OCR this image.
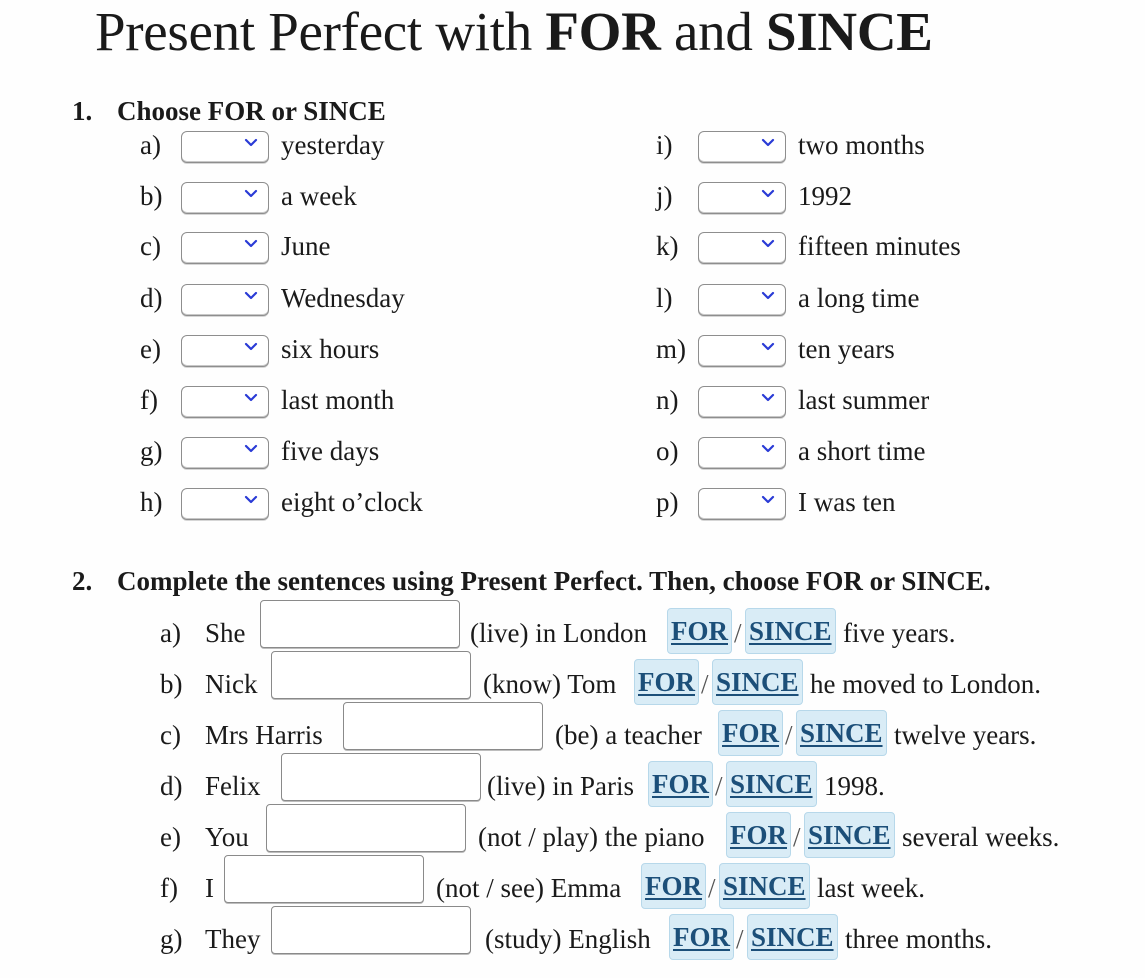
Present Perfect with FOR and SINCE
1. Choose FOR or SINCE
a)	yesterday
b)	a week
c)	June
d)	Wednesday
e)	six hours
f)	last month
g)	five days
h)	eight o’clock
i)	two months
j)	1992
k)	fifteen minutes
l)	a long time
m)	ten years
n)	last summer
o)	a short time
p)	I was ten
2. Complete the sentences using Present Perfect. Then, choose FOR or SINCE.
a) She	(live) in London FOR / SINCE five years.
b) Nick	(know) Tom FOR / SINCE he moved to London.
c) Mrs Harris	(be) a teacher FOR / SINCE twelve years.
d) Felix	(live) in Paris FOR / SINCE 1998.
e) You	(not / play) the piano FOR / SINCE several weeks.
f) I	(not / see) Emma FOR / SINCE last week.
g) They	(study) English FOR / SINCE three months.
